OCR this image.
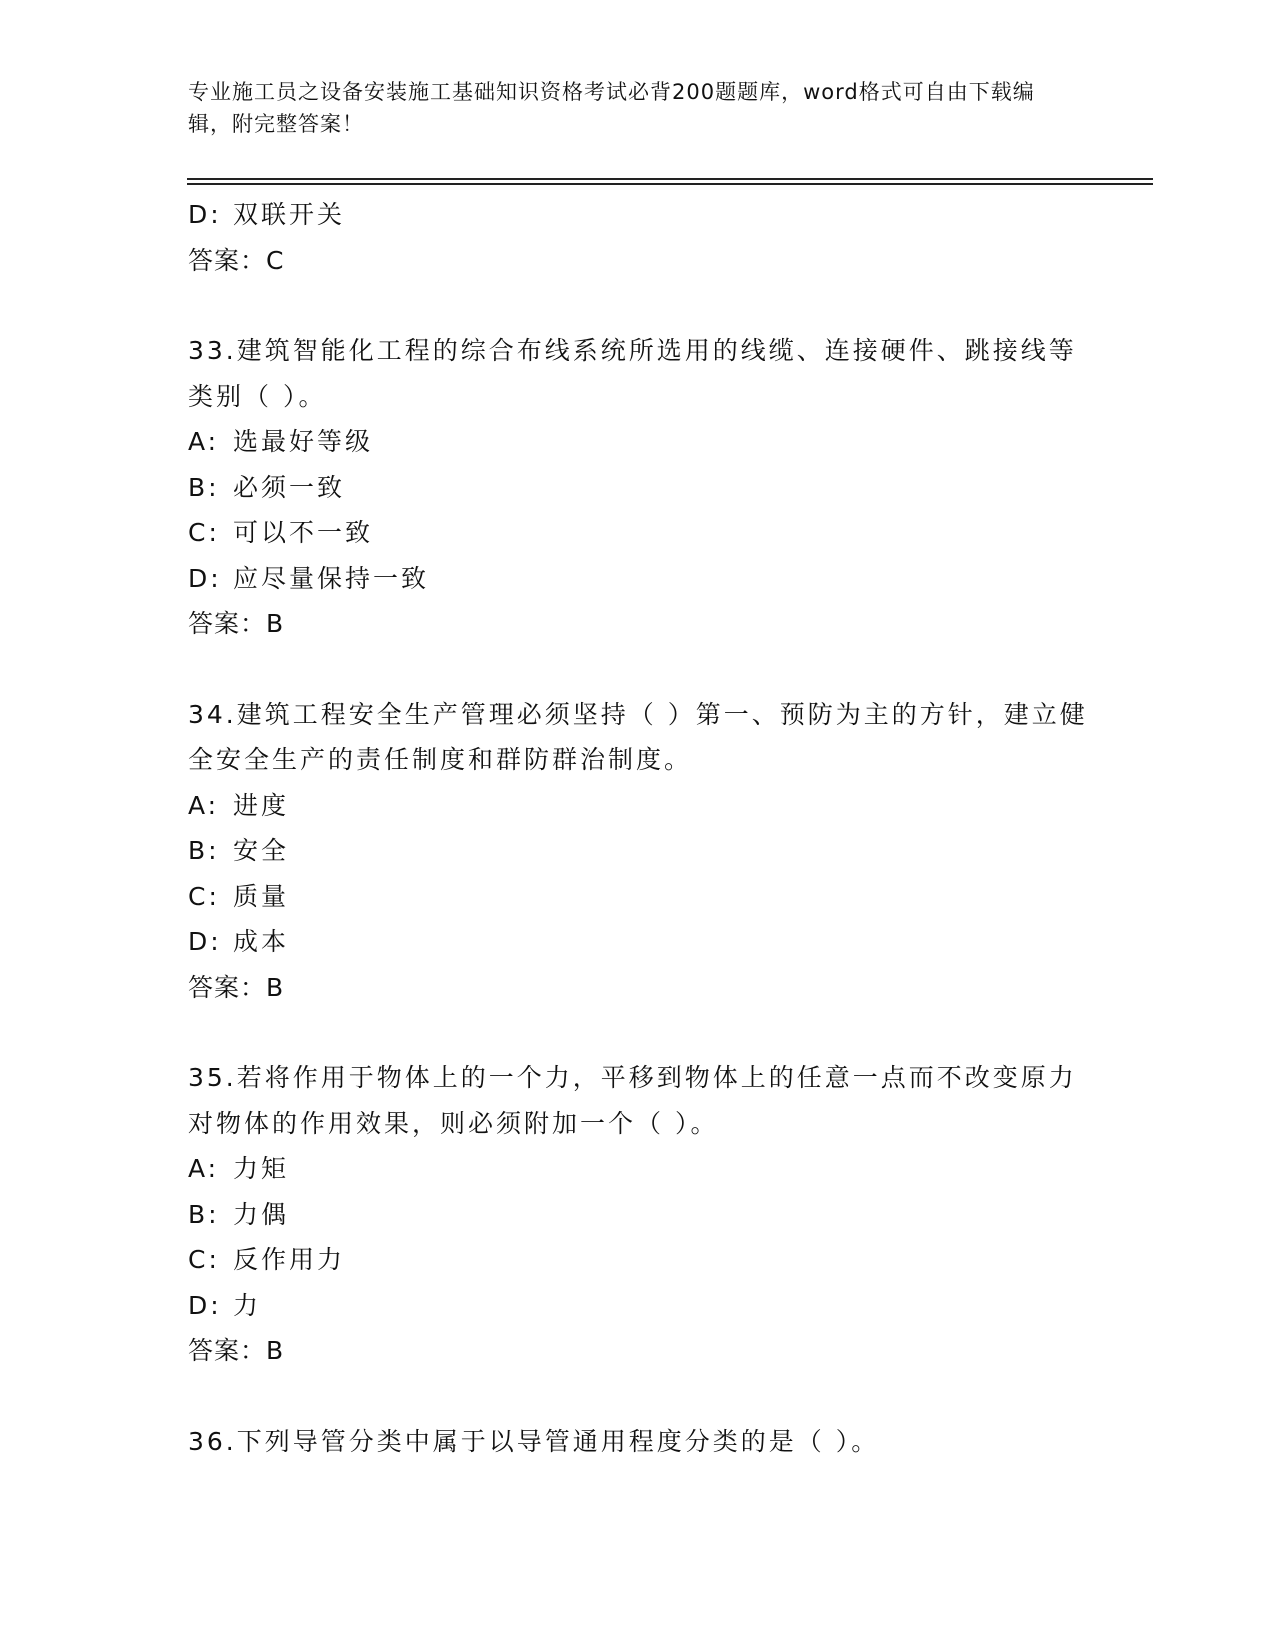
专业施工员之设备安装施工基础知识资格考试必背200题题库，word格式可自由下载编辑，附完整答案！
D: 双联开关
答案：C
33.建筑智能化工程的综合布线系统所选用的线缆、连接硬件、跳接线等类别（ ）。
A: 选最好等级
B: 必须一致
C: 可以不一致
D: 应尽量保持一致
答案：B
34.建筑工程安全生产管理必须坚持（ ）第一、预防为主的方针，建立健全安全生产的责任制度和群防群治制度。
A: 进度
B: 安全
C: 质量
D: 成本
答案：B
35.若将作用于物体上的一个力，平移到物体上的任意一点而不改变原力对物体的作用效果，则必须附加一个（ ）。
A: 力矩
B: 力偶
C: 反作用力
D: 力
答案：B
36.下列导管分类中属于以导管通用程度分类的是（ ）。
